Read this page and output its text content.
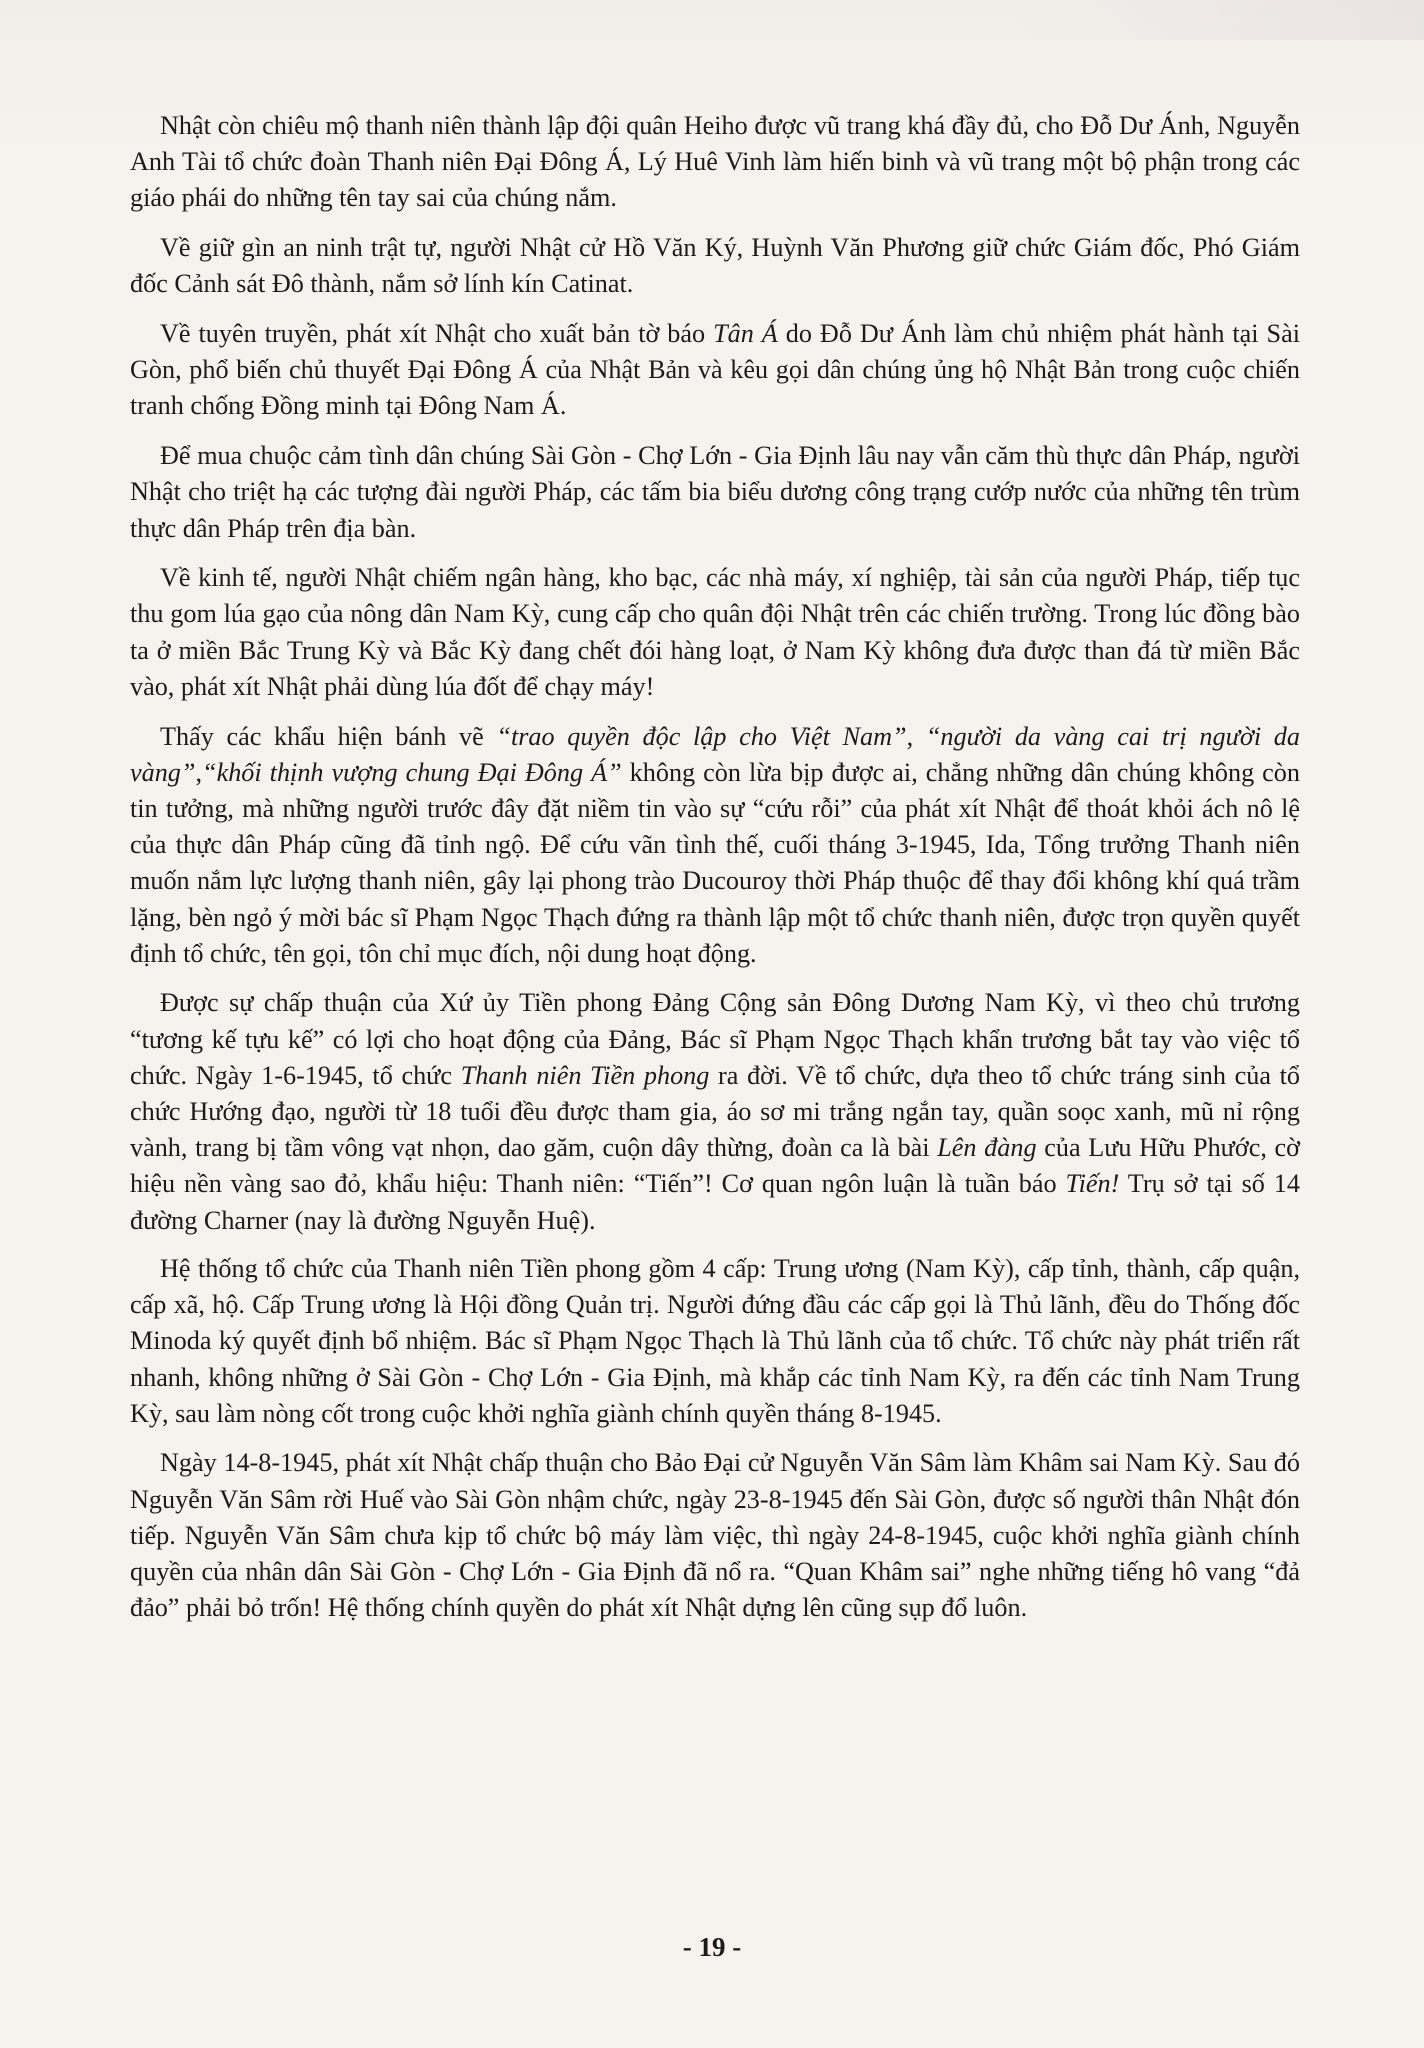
Nhật còn chiêu mộ thanh niên thành lập đội quân Heiho được vũ trang khá đầy đủ, cho Đỗ Dư Ánh, Nguyễn Anh Tài tổ chức đoàn Thanh niên Đại Đông Á, Lý Huê Vinh làm hiến binh và vũ trang một bộ phận trong các giáo phái do những tên tay sai của chúng nắm.

Về giữ gìn an ninh trật tự, người Nhật cử Hồ Văn Ký, Huỳnh Văn Phương giữ chức Giám đốc, Phó Giám đốc Cảnh sát Đô thành, nắm sở lính kín Catinat.

Về tuyên truyền, phát xít Nhật cho xuất bản tờ báo Tân Á do Đỗ Dư Ánh làm chủ nhiệm phát hành tại Sài Gòn, phổ biến chủ thuyết Đại Đông Á của Nhật Bản và kêu gọi dân chúng ủng hộ Nhật Bản trong cuộc chiến tranh chống Đồng minh tại Đông Nam Á.

Để mua chuộc cảm tình dân chúng Sài Gòn - Chợ Lớn - Gia Định lâu nay vẫn căm thù thực dân Pháp, người Nhật cho triệt hạ các tượng đài người Pháp, các tấm bia biểu dương công trạng cướp nước của những tên trùm thực dân Pháp trên địa bàn.

Về kinh tế, người Nhật chiếm ngân hàng, kho bạc, các nhà máy, xí nghiệp, tài sản của người Pháp, tiếp tục thu gom lúa gạo của nông dân Nam Kỳ, cung cấp cho quân đội Nhật trên các chiến trường. Trong lúc đồng bào ta ở miền Bắc Trung Kỳ và Bắc Kỳ đang chết đói hàng loạt, ở Nam Kỳ không đưa được than đá từ miền Bắc vào, phát xít Nhật phải dùng lúa đốt để chạy máy!

Thấy các khẩu hiện bánh vẽ “trao quyền độc lập cho Việt Nam”, “người da vàng cai trị người da vàng”,“khối thịnh vượng chung Đại Đông Á” không còn lừa bịp được ai, chẳng những dân chúng không còn tin tưởng, mà những người trước đây đặt niềm tin vào sự “cứu rỗi” của phát xít Nhật để thoát khỏi ách nô lệ của thực dân Pháp cũng đã tỉnh ngộ. Để cứu vãn tình thế, cuối tháng 3-1945, Ida, Tổng trưởng Thanh niên muốn nắm lực lượng thanh niên, gây lại phong trào Ducouroy thời Pháp thuộc để thay đổi không khí quá trầm lặng, bèn ngỏ ý mời bác sĩ Phạm Ngọc Thạch đứng ra thành lập một tổ chức thanh niên, được trọn quyền quyết định tổ chức, tên gọi, tôn chỉ mục đích, nội dung hoạt động.

Được sự chấp thuận của Xứ ủy Tiền phong Đảng Cộng sản Đông Dương Nam Kỳ, vì theo chủ trương “tương kế tựu kế” có lợi cho hoạt động của Đảng, Bác sĩ Phạm Ngọc Thạch khẩn trương bắt tay vào việc tổ chức. Ngày 1-6-1945, tổ chức Thanh niên Tiền phong ra đời. Về tổ chức, dựa theo tổ chức tráng sinh của tổ chức Hướng đạo, người từ 18 tuổi đều được tham gia, áo sơ mi trắng ngắn tay, quần soọc xanh, mũ nỉ rộng vành, trang bị tầm vông vạt nhọn, dao găm, cuộn dây thừng, đoàn ca là bài Lên đàng của Lưu Hữu Phước, cờ hiệu nền vàng sao đỏ, khẩu hiệu: Thanh niên: “Tiến”! Cơ quan ngôn luận là tuần báo Tiến! Trụ sở tại số 14 đường Charner (nay là đường Nguyễn Huệ).

Hệ thống tổ chức của Thanh niên Tiền phong gồm 4 cấp: Trung ương (Nam Kỳ), cấp tỉnh, thành, cấp quận, cấp xã, hộ. Cấp Trung ương là Hội đồng Quản trị. Người đứng đầu các cấp gọi là Thủ lãnh, đều do Thống đốc Minoda ký quyết định bổ nhiệm. Bác sĩ Phạm Ngọc Thạch là Thủ lãnh của tổ chức. Tổ chức này phát triển rất nhanh, không những ở Sài Gòn - Chợ Lớn - Gia Định, mà khắp các tỉnh Nam Kỳ, ra đến các tỉnh Nam Trung Kỳ, sau làm nòng cốt trong cuộc khởi nghĩa giành chính quyền tháng 8-1945.

Ngày 14-8-1945, phát xít Nhật chấp thuận cho Bảo Đại cử Nguyễn Văn Sâm làm Khâm sai Nam Kỳ. Sau đó Nguyễn Văn Sâm rời Huế vào Sài Gòn nhậm chức, ngày 23-8-1945 đến Sài Gòn, được số người thân Nhật đón tiếp. Nguyễn Văn Sâm chưa kịp tổ chức bộ máy làm việc, thì ngày 24-8-1945, cuộc khởi nghĩa giành chính quyền của nhân dân Sài Gòn - Chợ Lớn - Gia Định đã nổ ra. “Quan Khâm sai” nghe những tiếng hô vang “đả đảo” phải bỏ trốn! Hệ thống chính quyền do phát xít Nhật dựng lên cũng sụp đổ luôn.

- 19 -
